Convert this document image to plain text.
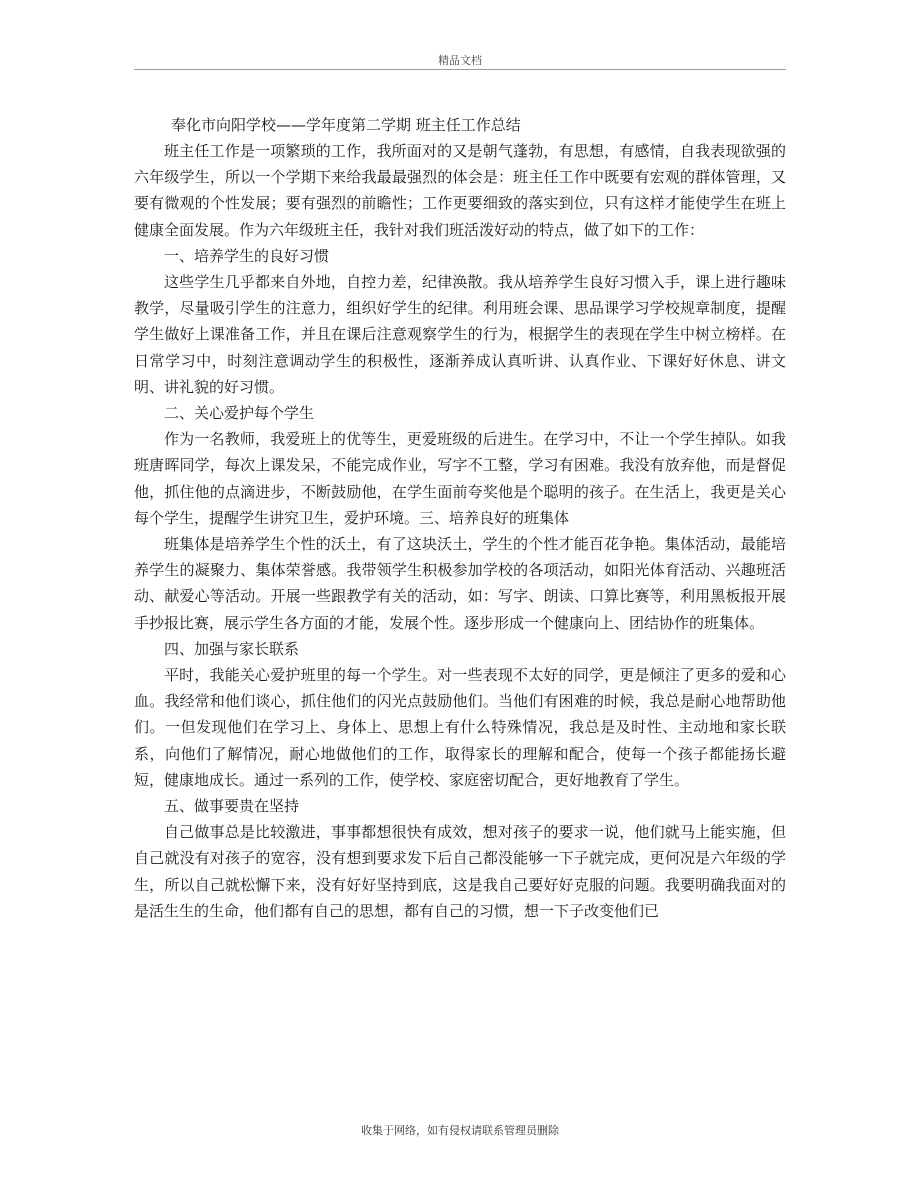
精品文档

奉化市向阳学校——学年度第二学期 班主任工作总结

班主任工作是一项繁琐的工作，我所面对的又是朝气蓬勃，有思想，有感情，自我表现欲强的六年级学生，所以一个学期下来给我最最强烈的体会是：班主任工作中既要有宏观的群体管理，又要有微观的个性发展；要有强烈的前瞻性；工作更要细致的落实到位，只有这样才能使学生在班上健康全面发展。作为六年级班主任，我针对我们班活泼好动的特点，做了如下的工作：

一、培养学生的良好习惯

这些学生几乎都来自外地，自控力差，纪律涣散。我从培养学生良好习惯入手，课上进行趣味教学，尽量吸引学生的注意力，组织好学生的纪律。利用班会课、思品课学习学校规章制度，提醒学生做好上课准备工作，并且在课后注意观察学生的行为，根据学生的表现在学生中树立榜样。在日常学习中，时刻注意调动学生的积极性，逐渐养成认真听讲、认真作业、下课好好休息、讲文明、讲礼貌的好习惯。

二、关心爱护每个学生

作为一名教师，我爱班上的优等生，更爱班级的后进生。在学习中，不让一个学生掉队。如我班唐晖同学，每次上课发呆，不能完成作业，写字不工整，学习有困难。我没有放弃他，而是督促他，抓住他的点滴进步，不断鼓励他，在学生面前夸奖他是个聪明的孩子。在生活上，我更是关心每个学生，提醒学生讲究卫生，爱护环境。三、培养良好的班集体

班集体是培养学生个性的沃土，有了这块沃土，学生的个性才能百花争艳。集体活动，最能培养学生的凝聚力、集体荣誉感。我带领学生积极参加学校的各项活动，如阳光体育活动、兴趣班活动、献爱心等活动。开展一些跟教学有关的活动，如：写字、朗读、口算比赛等，利用黑板报开展手抄报比赛，展示学生各方面的才能，发展个性。逐步形成一个健康向上、团结协作的班集体。

四、加强与家长联系

平时，我能关心爱护班里的每一个学生。对一些表现不太好的同学，更是倾注了更多的爱和心血。我经常和他们谈心，抓住他们的闪光点鼓励他们。当他们有困难的时候，我总是耐心地帮助他们。一但发现他们在学习上、身体上、思想上有什么特殊情况，我总是及时性、主动地和家长联系，向他们了解情况，耐心地做他们的工作，取得家长的理解和配合，使每一个孩子都能扬长避短，健康地成长。通过一系列的工作，使学校、家庭密切配合，更好地教育了学生。

五、做事要贵在坚持

自己做事总是比较激进，事事都想很快有成效，想对孩子的要求一说，他们就马上能实施，但自己就没有对孩子的宽容，没有想到要求发下后自己都没能够一下子就完成，更何况是六年级的学生，所以自己就松懈下来，没有好好坚持到底，这是我自己要好好克服的问题。我要明确我面对的是活生生的生命，他们都有自己的思想，都有自己的习惯，想一下子改变他们已

收集于网络，如有侵权请联系管理员删除
